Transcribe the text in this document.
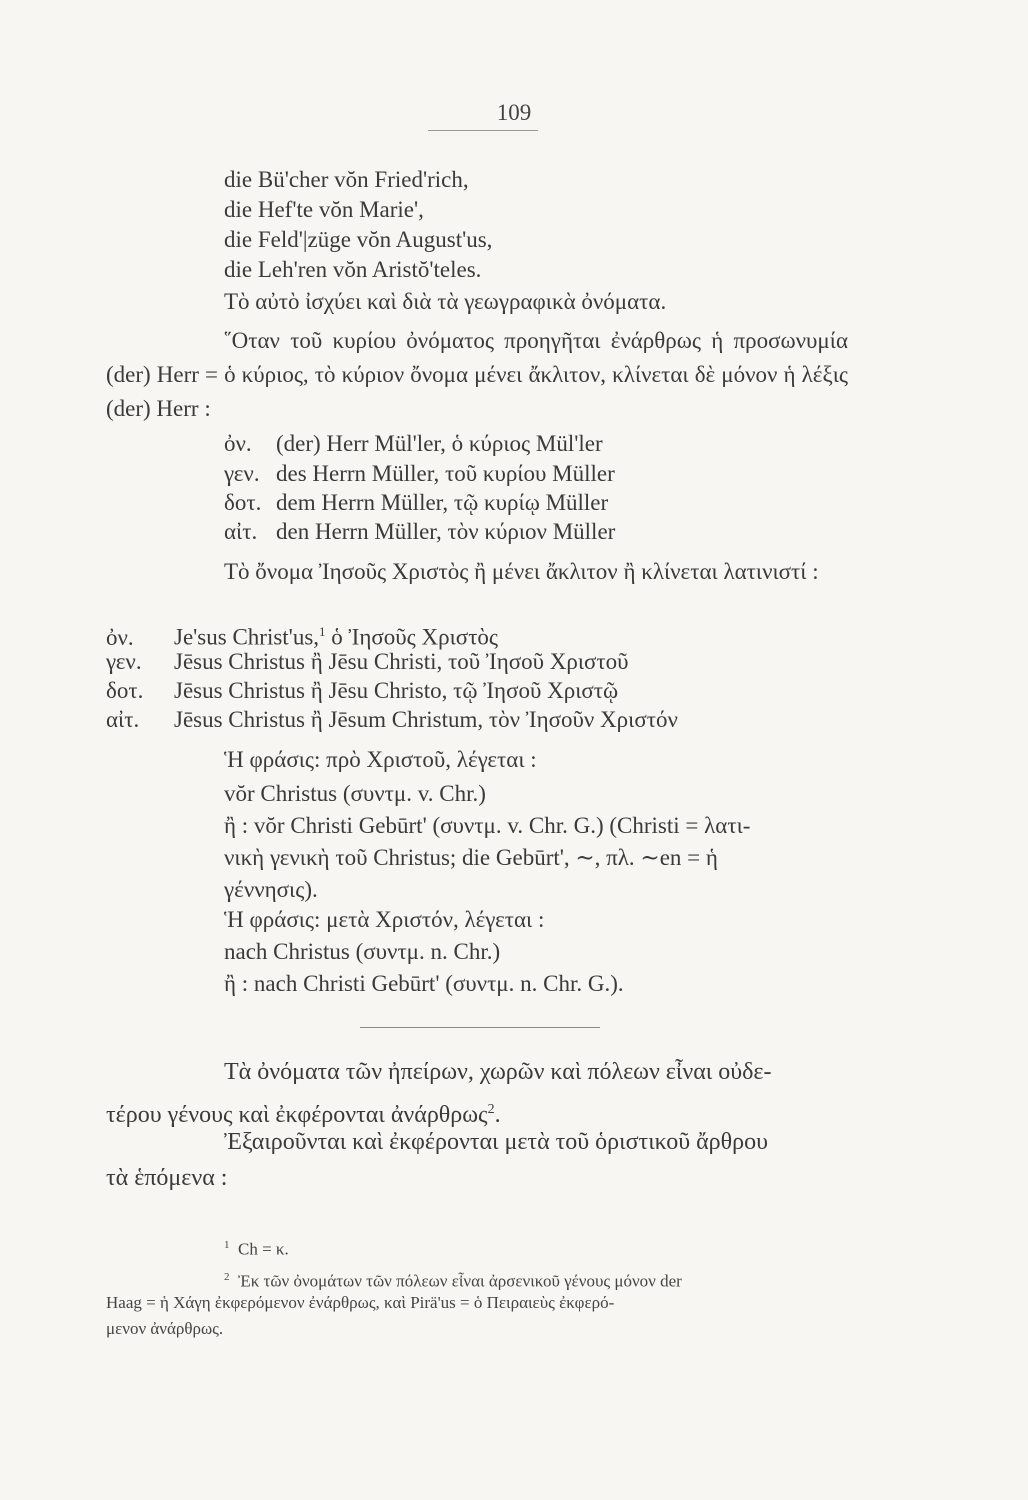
109
die Bü'cher vŏn Fried'rich,
die Hef'te vŏn Marie',
die Feld'|züge vŏn August'us,
die Leh'ren vŏn Aristŏ'teles.
Τὸ αὐτὸ ἰσχύει καὶ διὰ τὰ γεωγραφικὰ ὀνόματα.
῞Οταν τοῦ κυρίου ὀνόματος προηγῆται ἐνάρθρως ἡ προσωνυμία (der) Herr = ὁ κύριος, τὸ κύριον ὄνομα μένει ἄκλιτον, κλίνεται δὲ μόνον ἡ λέξις (der) Herr :
ὀν. (der) Herr Mül'ler, ὁ κύριος Mül'ler
γεν. des Herrn Müller, τοῦ κυρίου Müller
δοτ. dem Herrn Müller, τῷ κυρίῳ Müller
αἰτ. den Herrn Müller, τὸν κύριον Müller
Τὸ ὄνομα Ἰησοῦς Χριστὸς ἢ μένει ἄκλιτον ἢ κλίνεται λατινιστί :
ὀν. Je'sus Christ'us,$^1$ ὁ Ἰησοῦς Χριστὸς
γεν. Jēsus Christus ἢ Jēsu Christi, τοῦ Ἰησοῦ Χριστοῦ
δοτ. Jēsus Christus ἢ Jēsu Christo, τῷ Ἰησοῦ Χριστῷ
αἰτ. Jēsus Christus ἢ Jēsum Christum, τὸν Ἰησοῦν Χριστόν
Ἡ φράσις: πρὸ Χριστοῦ, λέγεται :
vŏr Christus (συντμ. v. Chr.)
ἢ : vŏr Christi Gebūrt' (συντμ. v. Chr. G.) (Christi = λατι-
νικὴ γενικὴ τοῦ Christus; die Gebūrt', ∼, πλ. ∼en = ἡ
γέννησις).
Ἡ φράσις: μετὰ Χριστόν, λέγεται :
nach Christus (συντμ. n. Chr.)
ἢ : nach Christi Gebūrt' (συντμ. n. Chr. G.).
Τὰ ὀνόματα τῶν ἠπείρων, χωρῶν καὶ πόλεων εἶναι οὐδε-
τέρου γένους καὶ ἐκφέρονται ἀνάρθρως$^2$.
Ἐξαιροῦνται καὶ ἐκφέρονται μετὰ τοῦ ὁριστικοῦ ἄρθρου
τὰ ἑπόμενα :
$^1$ Ch = κ.
$^2$ Ἐκ τῶν ὀνομάτων τῶν πόλεων εἶναι ἀρσενικοῦ γένους μόνον der
Haag = ἡ Χάγη ἐκφερόμενον ἐνάρθρως, καὶ Pirä'us = ὁ Πειραιεὺς ἐκφερό-
μενον ἀνάρθρως.
